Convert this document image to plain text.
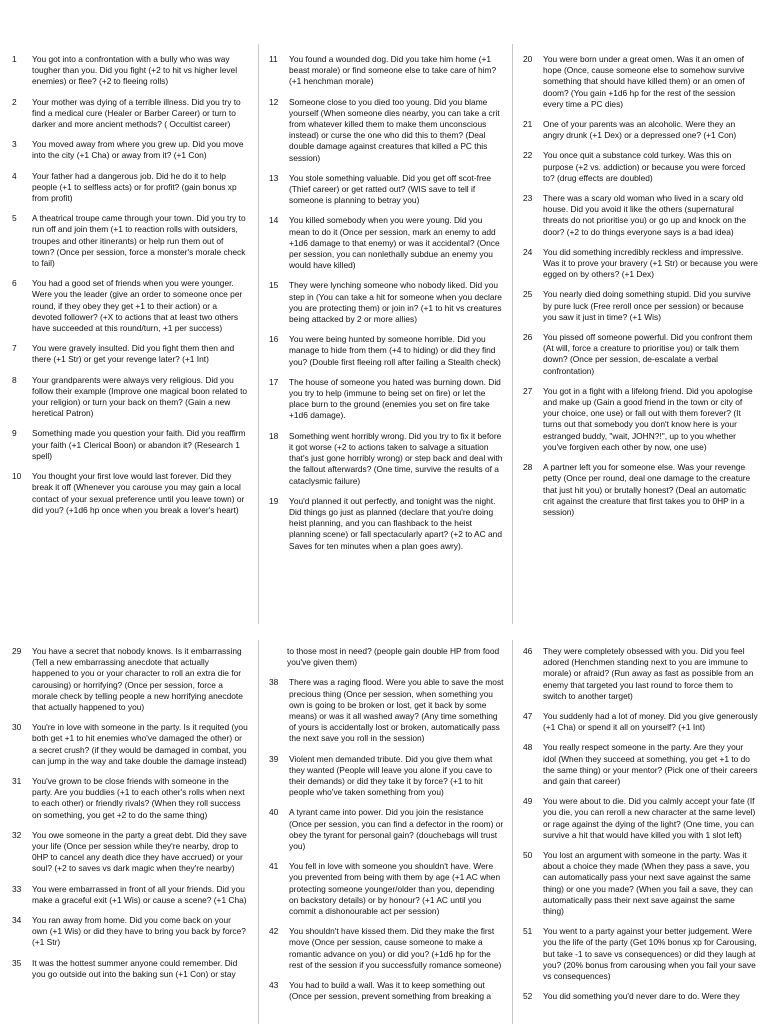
1	You got into a confrontation with a bully who was way tougher than you. Did you fight (+2 to hit vs higher level enemies) or flee? (+2 to fleeing rolls)
2	Your mother was dying of a terrible illness. Did you try to find a medical cure (Healer or Barber Career) or turn to darker and more ancient methods? ( Occultist career)
3	You moved away from where you grew up. Did you move into the city (+1 Cha) or away from it? (+1 Con)
4	Your father had a dangerous job. Did he do it to help people (+1 to selfless acts) or for profit? (gain bonus xp from profit)
5	A theatrical troupe came through your town. Did you try to run off and join them (+1 to reaction rolls with outsiders, troupes and other itinerants) or help run them out of town? (Once per session, force a monster's morale check to fail)
6	You had a good set of friends when you were younger. Were you the leader (give an order to someone once per round, if they obey they get +1 to their action) or a devoted follower? (+X to actions that at least two others have succeeded at this round/turn, +1 per success)
7	You were gravely insulted. Did you fight them then and there (+1 Str) or get your revenge later? (+1 Int)
8	Your grandparents were always very religious. Did you follow their example (Improve one magical boon related to your religion) or turn your back on them? (Gain a new heretical Patron)
9	Something made you question your faith. Did you reaffirm your faith (+1 Clerical Boon) or abandon it? (Research 1 spell)
10	You thought your first love would last forever. Did they break it off (Whenever you carouse you may gain a local contact of your sexual preference until you leave town) or did you? (+1d6 hp once when you break a lover's heart)
11	You found a wounded dog. Did you take him home (+1 beast morale) or find someone else to take care of him? (+1 henchman morale)
12	Someone close to you died too young. Did you blame yourself (When someone dies nearby, you can take a crit from whatever killed them to make them unconscious instead) or curse the one who did this to them? (Deal double damage against creatures that killed a PC this session)
13	You stole something valuable. Did you get off scot-free (Thief career) or get ratted out? (WIS save to tell if someone is planning to betray you)
14	You killed somebody when you were young. Did you mean to do it (Once per session, mark an enemy to add +1d6 damage to that enemy) or was it accidental? (Once per session, you can nonlethally subdue an enemy you would have killed)
15	They were lynching someone who nobody liked. Did you step in (You can take a hit for someone when you declare you are protecting them) or join in? (+1 to hit vs creatures being attacked by 2 or more allies)
16	You were being hunted by someone horrible. Did you manage to hide from them (+4 to hiding) or did they find you? (Double first fleeing roll after failing a Stealth check)
17	The house of someone you hated was burning down. Did you try to help (immune to being set on fire) or let the place burn to the ground (enemies you set on fire take +1d6 damage).
18	Something went horribly wrong. Did you try to fix it before it got worse (+2 to actions taken to salvage a situation that's just gone horribly wrong) or step back and deal with the fallout afterwards? (One time, survive the results of a cataclysmic failure)
19	You'd planned it out perfectly, and tonight was the night. Did things go just as planned (declare that you're doing heist planning, and you can flashback to the heist planning scene) or fall spectacularly apart? (+2 to AC and Saves for ten minutes when a plan goes awry).
20	You were born under a great omen. Was it an omen of hope (Once, cause someone else to somehow survive something that should have killed them) or an omen of doom? (You gain +1d6 hp for the rest of the session every time a PC dies)
21	One of your parents was an alcoholic. Were they an angry drunk (+1 Dex) or a depressed one? (+1 Con)
22	You once quit a substance cold turkey. Was this on purpose (+2 vs. addiction) or because you were forced to? (drug effects are doubled)
23	There was a scary old woman who lived in a scary old house. Did you avoid it like the others (supernatural threats do not prioritise you) or go up and knock on the door? (+2 to do things everyone says is a bad idea)
24	You did something incredibly reckless and impressive. Was it to prove your bravery (+1 Str) or because you were egged on by others? (+1 Dex)
25	You nearly died doing something stupid. Did you survive by pure luck (Free reroll once per session) or because you saw it just in time? (+1 Wis)
26	You pissed off someone powerful. Did you confront them (At will, force a creature to prioritise you) or talk them down? (Once per session, de-escalate a verbal confrontation)
27	You got in a fight with a lifelong friend. Did you apologise and make up (Gain a good friend in the town or city of your choice, one use) or fall out with them forever? (It turns out that somebody you don't know here is your estranged buddy, "wait, JOHN?!", up to you whether you've forgiven each other by now, one use)
28	A partner left you for someone else. Was your revenge petty (Once per round, deal one damage to the creature that just hit you) or brutally honest? (Deal an automatic crit against the creature that first takes you to 0HP in a session)
29	You have a secret that nobody knows. Is it embarrassing (Tell a new embarrassing anecdote that actually happened to you or your character to roll an extra die for carousing) or horrifying? (Once per session, force a morale check by telling people a new horrifying anecdote that actually happened to you)
30	You're in love with someone in the party. Is it requited (you both get +1 to hit enemies who've damaged the other) or a secret crush? (if they would be damaged in combat, you can jump in the way and take double the damage instead)
31	You've grown to be close friends with someone in the party. Are you buddies (+1 to each other's rolls when next to each other) or friendly rivals? (When they roll success on something, you get +2 to do the same thing)
32	You owe someone in the party a great debt. Did they save your life (Once per session while they're nearby, drop to 0HP to cancel any death dice they have accrued) or your soul? (+2 to saves vs dark magic when they're nearby)
33	You were embarrassed in front of all your friends. Did you make a graceful exit (+1 Wis) or cause a scene? (+1 Cha)
34	You ran away from home. Did you come back on your own (+1 Wis) or did they have to bring you back by force? (+1 Str)
35	It was the hottest summer anyone could remember. Did you go outside out into the baking sun (+1 Con) or stay
to those most in need? (people gain double HP from food you've given them)
38	There was a raging flood. Were you able to save the most precious thing (Once per session, when something you own is going to be broken or lost, get it back by some means) or was it all washed away? (Any time something of yours is accidentally lost or broken, automatically pass the next save you roll in the session)
39	Violent men demanded tribute. Did you give them what they wanted (People will leave you alone if you cave to their demands) or did they take it by force? (+1 to hit people who've taken something from you)
40	A tyrant came into power. Did you join the resistance (Once per session, you can find a defector in the room) or obey the tyrant for personal gain? (douchebags will trust you)
41	You fell in love with someone you shouldn't have. Were you prevented from being with them by age (+1 AC when protecting someone younger/older than you, depending on backstory details) or by honour? (+1 AC until you commit a dishonourable act per session)
42	You shouldn't have kissed them. Did they make the first move (Once per session, cause someone to make a romantic advance on you) or did you? (+1d6 hp for the rest of the session if you successfully romance someone)
43	You had to build a wall. Was it to keep something out (Once per session, prevent something from breaking a
46	They were completely obsessed with you. Did you feel adored (Henchmen standing next to you are immune to morale) or afraid? (Run away as fast as possible from an enemy that targeted you last round to force them to switch to another target)
47	You suddenly had a lot of money. Did you give generously (+1 Cha) or spend it all on yourself? (+1 Int)
48	You really respect someone in the party. Are they your idol (When they succeed at something, you get +1 to do the same thing) or your mentor? (Pick one of their careers and gain that career)
49	You were about to die. Did you calmly accept your fate (If you die, you can reroll a new character at the same level) or rage against the dying of the light? (One time, you can survive a hit that would have killed you with 1 slot left)
50	You lost an argument with someone in the party. Was it about a choice they made (When they pass a save, you can automatically pass your next save against the same thing) or one you made? (When you fail a save, they can automatically pass their next save against the same thing)
51	You went to a party against your better judgement. Were you the life of the party (Get 10% bonus xp for Carousing, but take -1 to save vs consequences) or did they laugh at you? (20% bonus from carousing when you fail your save vs consequences)
52	You did something you'd never dare to do. Were they
